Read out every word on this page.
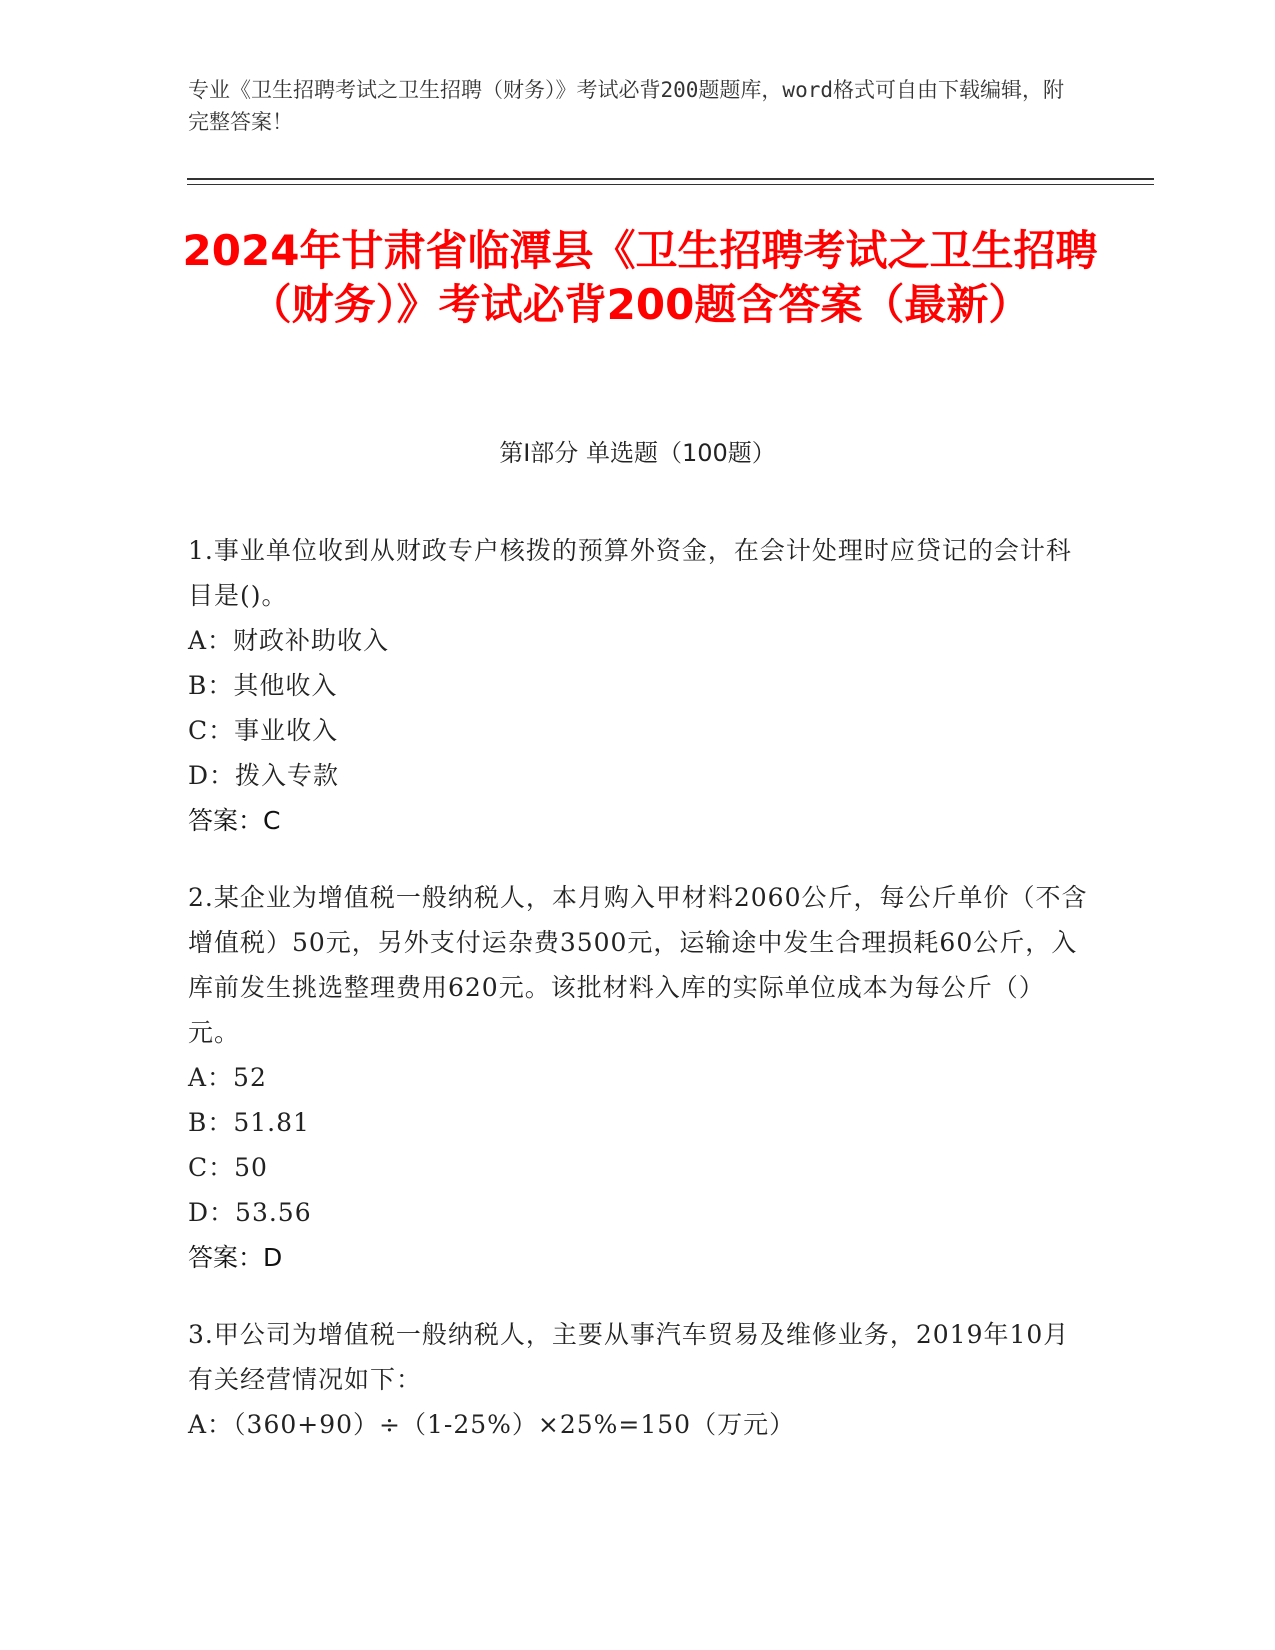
专业《卫生招聘考试之卫生招聘（财务）》考试必背200题题库，word格式可自由下载编辑，附完整答案！
2024年甘肃省临潭县《卫生招聘考试之卫生招聘（财务）》考试必背200题含答案（最新）
第I部分 单选题（100题）
1.事业单位收到从财政专户核拨的预算外资金，在会计处理时应贷记的会计科目是()。
A：财政补助收入
B：其他收入
C：事业收入
D：拨入专款
答案：C
2.某企业为增值税一般纳税人，本月购入甲材料2060公斤，每公斤单价（不含增值税）50元，另外支付运杂费3500元，运输途中发生合理损耗60公斤，入库前发生挑选整理费用620元。该批材料入库的实际单位成本为每公斤（）元。
A：52
B：51.81
C：50
D：53.56
答案：D
3.甲公司为增值税一般纳税人，主要从事汽车贸易及维修业务，2019年10月有关经营情况如下：
A：（360+90）÷（1-25%）×25%=150（万元）
